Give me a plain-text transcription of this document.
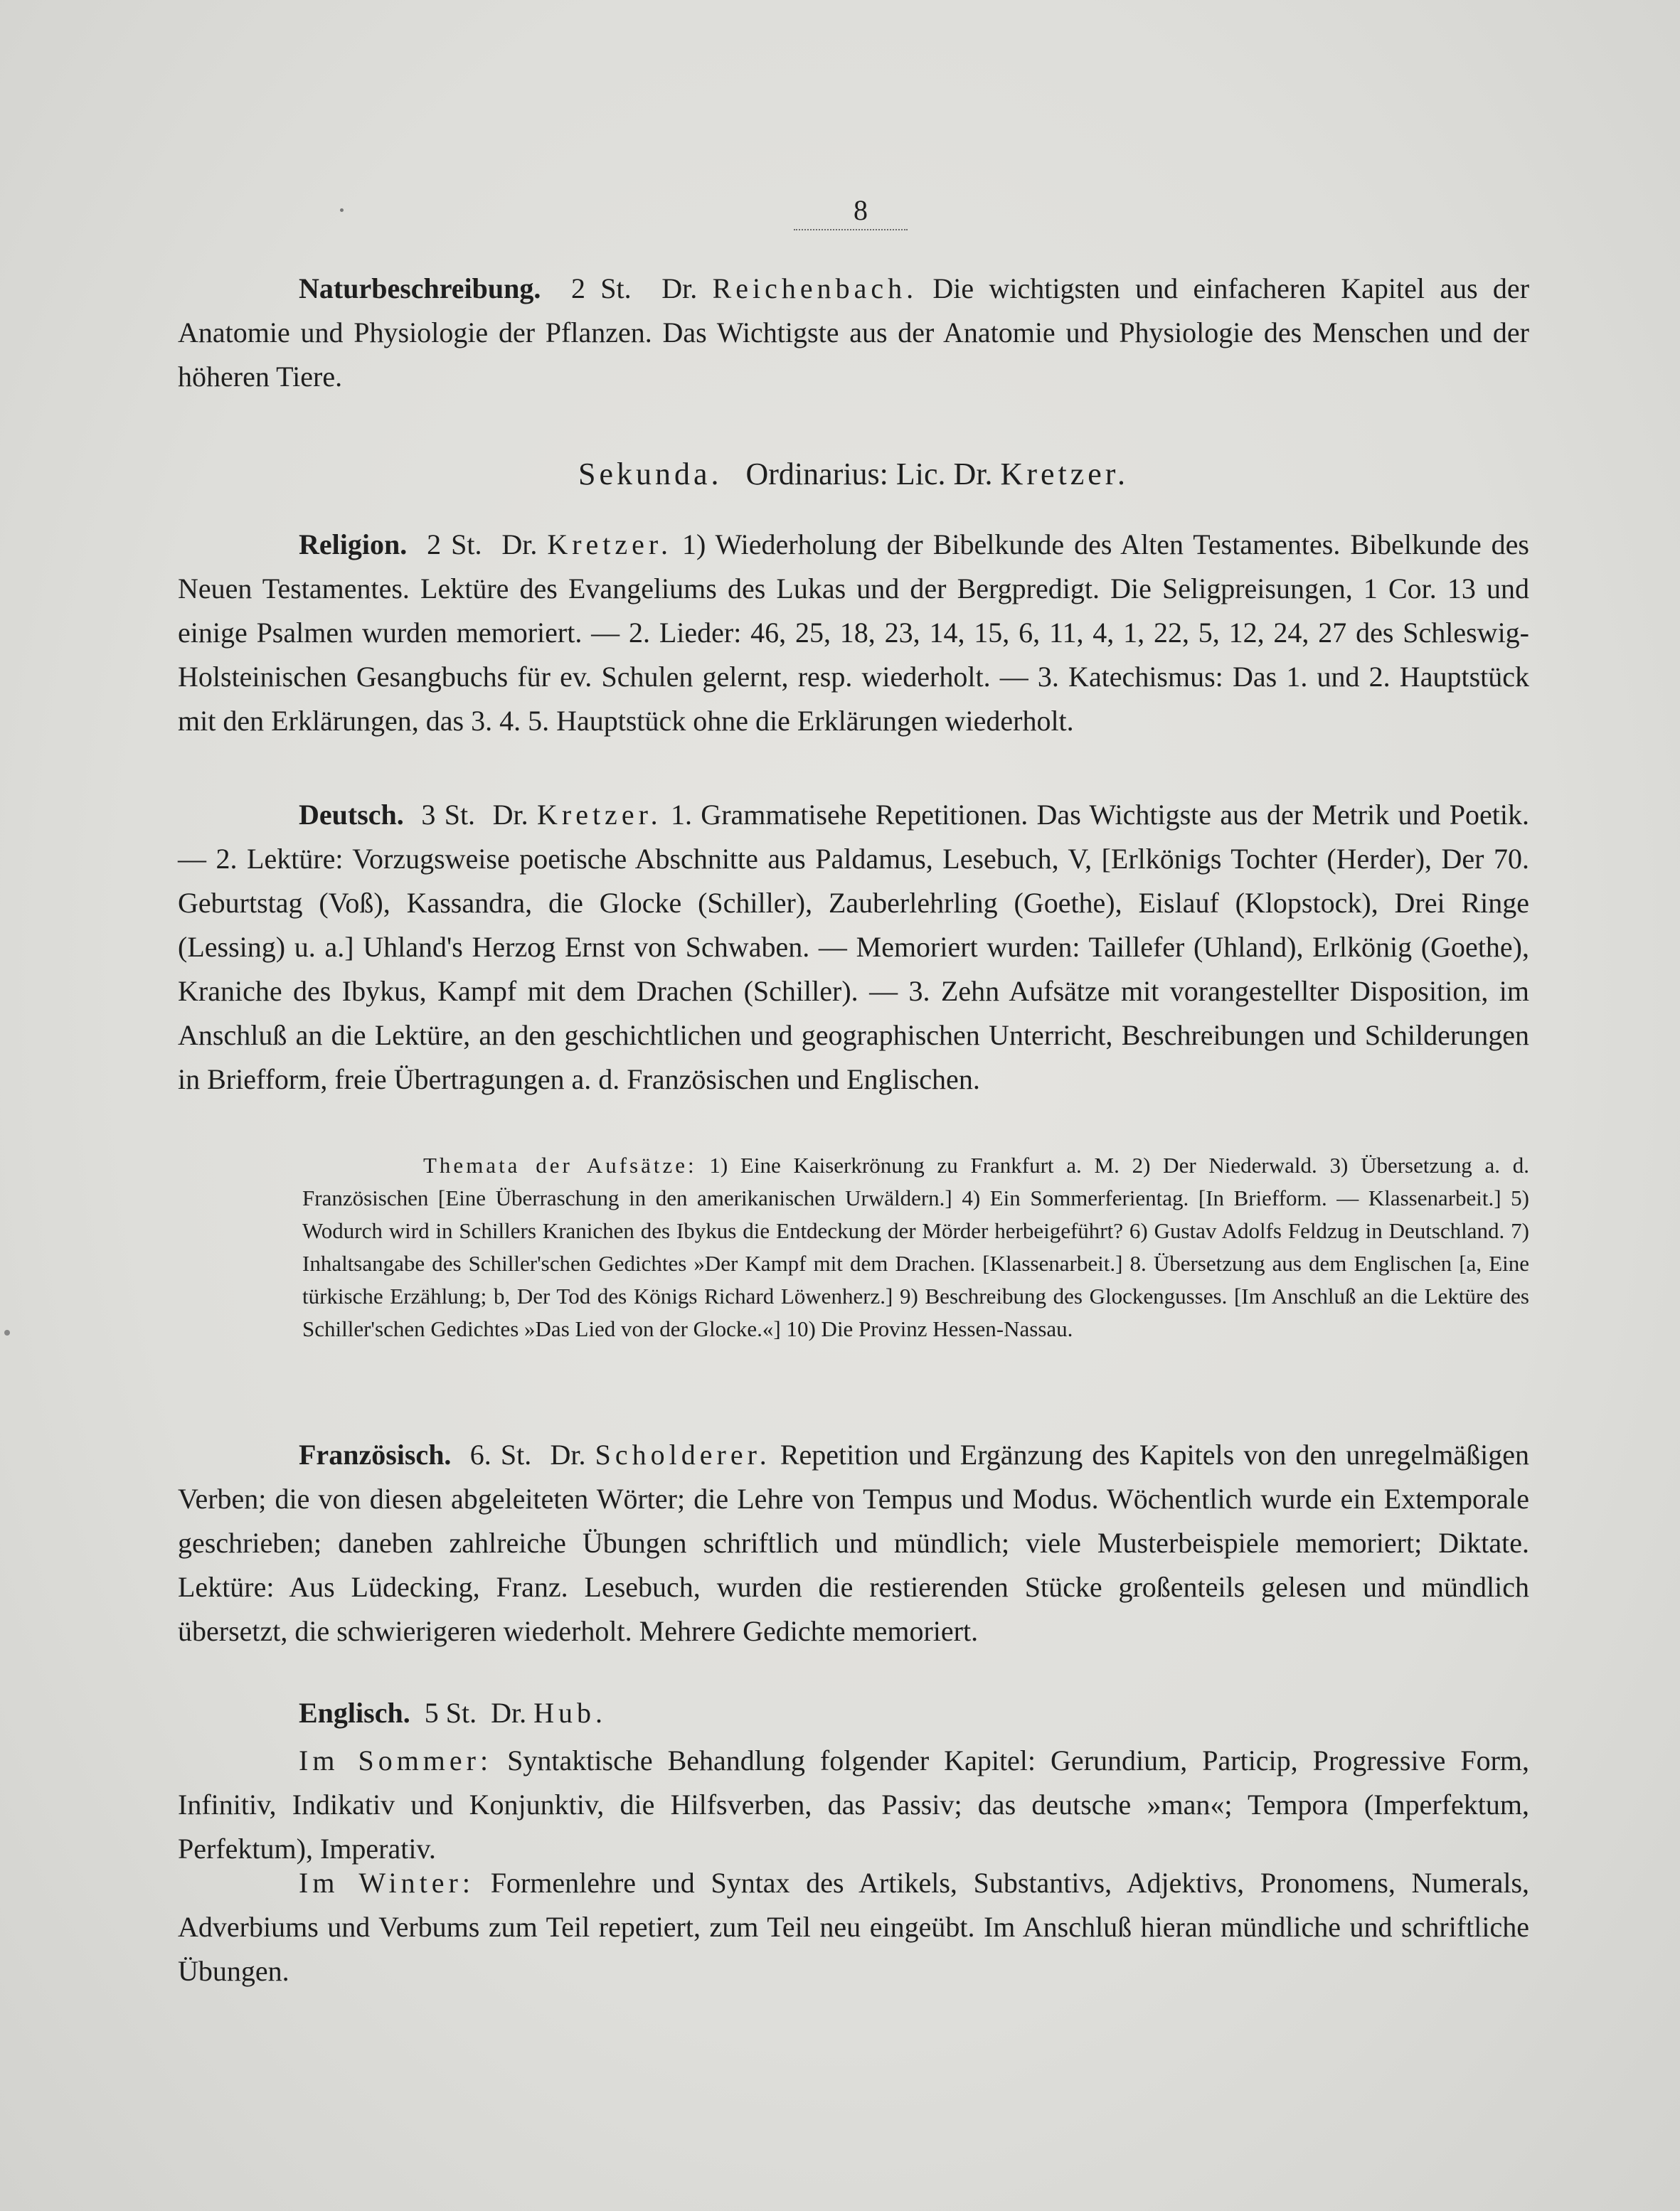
8

Naturbeschreibung. 2 St. Dr. Reichenbach. Die wichtigsten und einfacheren Kapitel aus der Anatomie und Physiologie der Pflanzen. Das Wichtigste aus der Anatomie und Physiologie des Menschen und der höheren Tiere.

Sekunda. Ordinarius: Lic. Dr. Kretzer.

Religion. 2 St. Dr. Kretzer. 1) Wiederholung der Bibelkunde des Alten Testamentes. Bibelkunde des Neuen Testamentes. Lektüre des Evangeliums des Lukas und der Bergpredigt. Die Seligpreisungen, 1 Cor. 13 und einige Psalmen wurden memoriert. — 2. Lieder: 46, 25, 18, 23, 14, 15, 6, 11, 4, 1, 22, 5, 12, 24, 27 des Schleswig-Holsteinischen Gesangbuchs für ev. Schulen gelernt, resp. wiederholt. — 3. Katechismus: Das 1. und 2. Hauptstück mit den Erklärungen, das 3. 4. 5. Hauptstück ohne die Erklärungen wiederholt.

Deutsch. 3 St. Dr. Kretzer. 1. Grammatisehe Repetitionen. Das Wichtigste aus der Metrik und Poetik. — 2. Lektüre: Vorzugsweise poetische Abschnitte aus Paldamus, Lesebuch, V, [Erlkönigs Tochter (Herder), Der 70. Geburtstag (Voß), Kassandra, die Glocke (Schiller), Zauberlehrling (Goethe), Eislauf (Klopstock), Drei Ringe (Lessing) u. a.] Uhland's Herzog Ernst von Schwaben. — Memoriert wurden: Taillefer (Uhland), Erlkönig (Goethe), Kraniche des Ibykus, Kampf mit dem Drachen (Schiller). — 3. Zehn Aufsätze mit vorangestellter Disposition, im Anschluß an die Lektüre, an den geschichtlichen und geographischen Unterricht, Beschreibungen und Schilderungen in Briefform, freie Übertragungen a. d. Französischen und Englischen.

Themata der Aufsätze: 1) Eine Kaiserkrönung zu Frankfurt a. M. 2) Der Niederwald. 3) Übersetzung a. d. Französischen [Eine Überraschung in den amerikanischen Urwäldern.] 4) Ein Sommerferientag. [In Briefform. — Klassenarbeit.] 5) Wodurch wird in Schillers Kranichen des Ibykus die Entdeckung der Mörder herbeigeführt? 6) Gustav Adolfs Feldzug in Deutschland. 7) Inhaltsangabe des Schiller'schen Gedichtes »Der Kampf mit dem Drachen. [Klassenarbeit.] 8. Übersetzung aus dem Englischen [a, Eine türkische Erzählung; b, Der Tod des Königs Richard Löwenherz.] 9) Beschreibung des Glockengusses. [Im Anschluß an die Lektüre des Schiller'schen Gedichtes »Das Lied von der Glocke.«] 10) Die Provinz Hessen-Nassau.

Französisch. 6. St. Dr. Scholderer. Repetition und Ergänzung des Kapitels von den unregelmäßigen Verben; die von diesen abgeleiteten Wörter; die Lehre von Tempus und Modus. Wöchentlich wurde ein Extemporale geschrieben; daneben zahlreiche Übungen schriftlich und mündlich; viele Musterbeispiele memoriert; Diktate. Lektüre: Aus Lüdecking, Franz. Lesebuch, wurden die restierenden Stücke großenteils gelesen und mündlich übersetzt, die schwierigeren wiederholt. Mehrere Gedichte memoriert.

Englisch. 5 St. Dr. Hub.

Im Sommer: Syntaktische Behandlung folgender Kapitel: Gerundium, Particip, Progressive Form, Infinitiv, Indikativ und Konjunktiv, die Hilfsverben, das Passiv; das deutsche »man«; Tempora (Imperfektum, Perfektum), Imperativ.

Im Winter: Formenlehre und Syntax des Artikels, Substantivs, Adjektivs, Pronomens, Numerals, Adverbiums und Verbums zum Teil repetiert, zum Teil neu eingeübt. Im Anschluß hieran mündliche und schriftliche Übungen.
